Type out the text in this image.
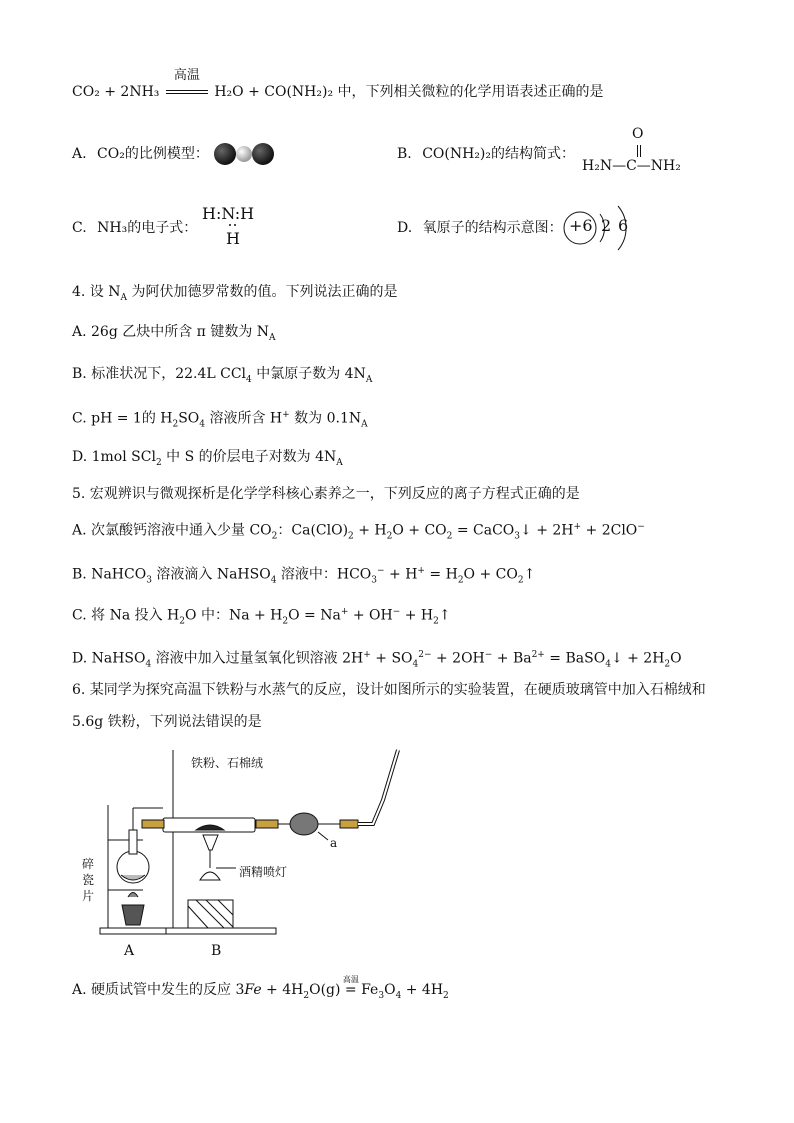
CO₂ + 2NH₃
高温
H₂O + CO(NH₂)₂ 中，下列相关微粒的化学用语表述正确的是
A. CO₂的比例模型：	B. CO(NH₂)₂的结构简式：
O
H₂N—C—NH₂
C. NH₃的电子式：
H:N:H
H
D. 氧原子的结构示意图： +6 2 6
4. 设 $N_A$ 为阿伏加德罗常数的值。下列说法正确的是
A. 26g 乙炔中所含 π 键数为 $N_A$
B. 标准状况下，22.4L CCl$_4$ 中氯原子数为 $4N_A$
C. pH = 1的 $H_2SO_4$ 溶液所含 H+ 数为 $0.1N_A$
D. 1mol SCl$_2$ 中 S 的价层电子对数为 $4N_A$
5. 宏观辨识与微观探析是化学学科核心素养之一，下列反应的离子方程式正确的是
A. 次氯酸钙溶液中通入少量 $CO_2$：$Ca(ClO)_2 + H_2O + CO_2$ = CaCO$_3$↓ + 2H+ + 2ClO−
B. NaHCO$_3$ 溶液滴入 NaHSO$_4$ 溶液中：$HCO_3^- + H^+ = H_2O$ + $CO_2↑$
C. 将 Na 投入 $H_2O$ 中：$Na + H_2O = Na^+ + OH^-$ + $H_2↑$
D. NaHSO$_4$ 溶液中加入过量氢氧化钡溶液 $2H^+ + SO_4^{2-} + 2OH^- + Ba^{2+}$ = BaSO$_4$↓ + $2H_2O$
6. 某同学为探究高温下铁粉与水蒸气的反应，设计如图所示的实验装置，在硬质玻璃管中加入石棉绒和
5.6g 铁粉，下列说法错误的是
铁粉、石棉绒
酒精喷灯
碎
瓷
片
a
A	B
A. 硬质试管中发生的反应 $3Fe + 4H_2O(g)$
高温
= $Fe_3O_4 + 4H_2$
